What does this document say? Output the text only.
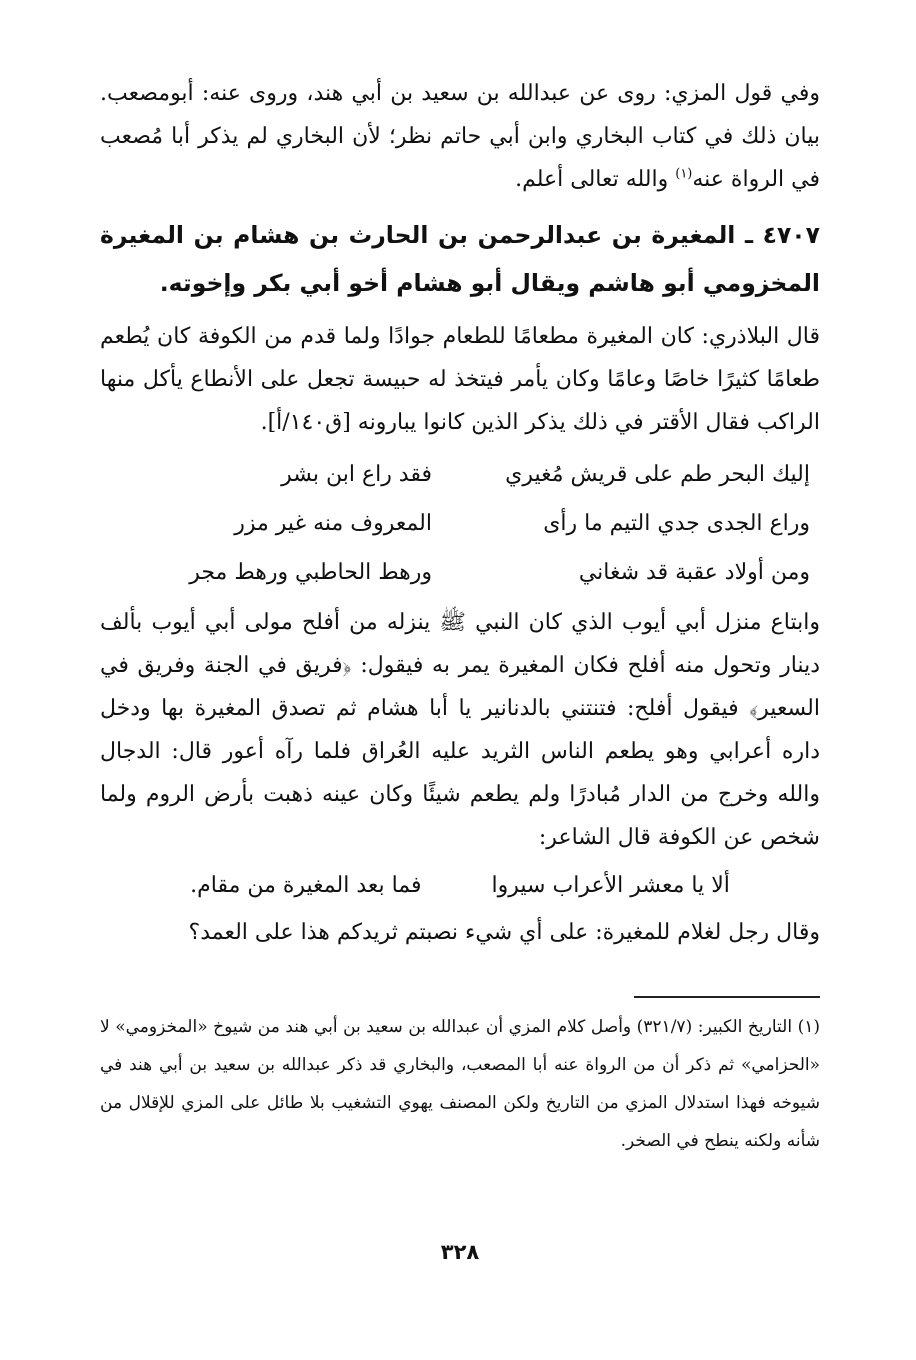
وفي قول المزي: روى عن عبدالله بن سعيد بن أبي هند، وروى عنه: أبومصعب. بيان ذلك في كتاب البخاري وابن أبي حاتم نظر؛ لأن البخاري لم يذكر أبا مُصعب في الرواة عنه$^{(١)}$ والله تعالى أعلم.

٤٧٠٧ ـ المغيرة بن عبدالرحمن بن الحارث بن هشام بن المغيرة المخزومي أبو هاشم ويقال أبو هشام أخو أبي بكر وإخوته.

قال البلاذري: كان المغيرة مطعامًا للطعام جوادًا ولما قدم من الكوفة كان يُطعم طعامًا كثيرًا خاصًا وعامًا وكان يأمر فيتخذ له حبيسة تجعل على الأنطاع يأكل منها الراكب فقال الأقتر في ذلك يذكر الذين كانوا يبارونه [ق١٤٠/أ].

إليك البحر طم على قريش مُغيري
فقد راع ابن بشر
وراع الجدى جدي التيم ما رأى
المعروف منه غير مزر
ومن أولاد عقبة قد شغاني
ورهط الحاطبي ورهط مجر

وابتاع منزل أبي أيوب الذي كان النبي ﷺ ينزله من أفلح مولى أبي أيوب بألف دينار وتحول منه أفلح فكان المغيرة يمر به فيقول: ﴿فريق في الجنة وفريق في السعير﴾ فيقول أفلح: فتنتني بالدنانير يا أبا هشام ثم تصدق المغيرة بها ودخل داره أعرابي وهو يطعم الناس الثريد عليه العُراق فلما رآه أعور قال: الدجال والله وخرج من الدار مُبادرًا ولم يطعم شيئًا وكان عينه ذهبت بأرض الروم ولما شخص عن الكوفة قال الشاعر:

ألا يا معشر الأعراب سيروا
فما بعد المغيرة من مقام.

وقال رجل لغلام للمغيرة: على أي شيء نصبتم ثريدكم هذا على العمد؟

(١) التاريخ الكبير: (٣٢١/٧) وأصل كلام المزي أن عبدالله بن سعيد بن أبي هند من شيوخ «المخزومي» لا «الحزامي» ثم ذكر أن من الرواة عنه أبا المصعب، والبخاري قد ذكر عبدالله بن سعيد بن أبي هند في شيوخه فهذا استدلال المزي من التاريخ ولكن المصنف يهوي التشغيب بلا طائل على المزي للإقلال من شأنه ولكنه ينطح في الصخر.

٣٢٨
